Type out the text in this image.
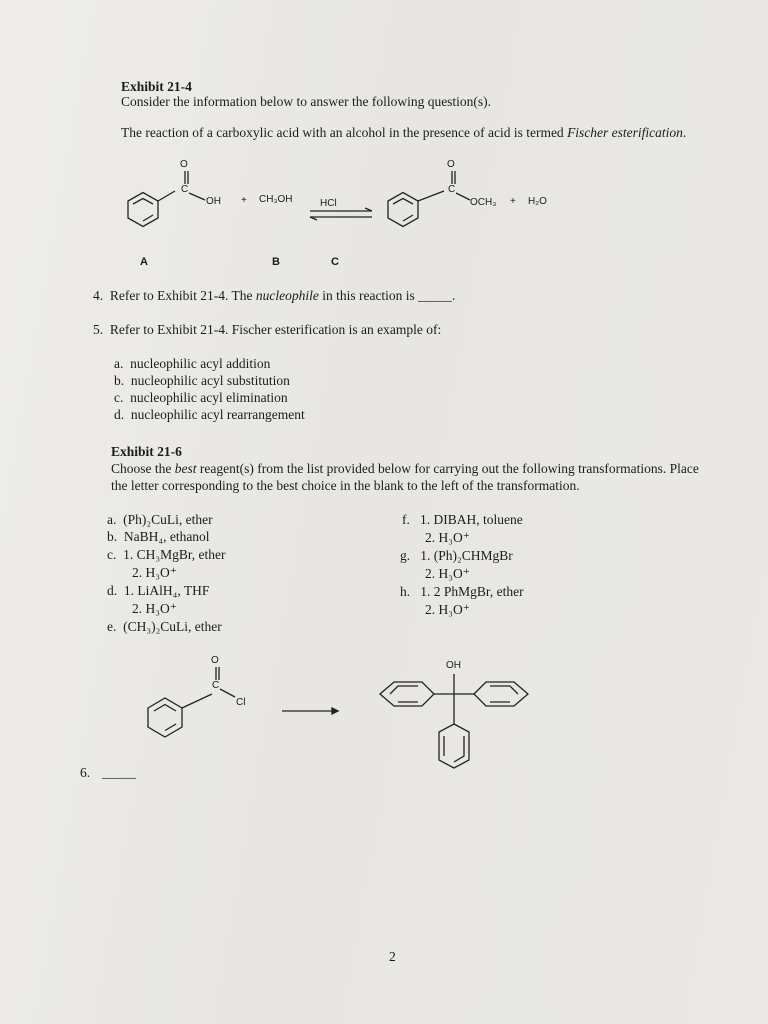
Exhibit 21-4
Consider the information below to answer the following question(s).
The reaction of a carboxylic acid with an alcohol in the presence of acid is termed Fischer esterification.
O
C
OH + CH₃OH	HCl
O
C
OCH₃ + H₂O
A	B	C
4. Refer to Exhibit 21-4. The nucleophile in this reaction is _____.
5. Refer to Exhibit 21-4. Fischer esterification is an example of:
a. nucleophilic acyl addition
b. nucleophilic acyl substitution
c. nucleophilic acyl elimination
d. nucleophilic acyl rearrangement
Exhibit 21-6
Choose the best reagent(s) from the list provided below for carrying out the following transformations. Place
the letter corresponding to the best choice in the blank to the left of the transformation.
a. (Ph)₂CuLi, ether
b. NaBH₄, ethanol
c. 1. CH₃MgBr, ether
2. H₃O⁺
d. 1. LiAlH₄, THF
2. H₃O⁺
e. (CH₃)₂CuLi, ether
f. 1. DIBAH, toluene
2. H₃O⁺
g. 1. (Ph)₂CHMgBr
2. H₃O⁺
h. 1. 2 PhMgBr, ether
2. H₃O⁺
O
C
Cl
OH
6. _____
2
